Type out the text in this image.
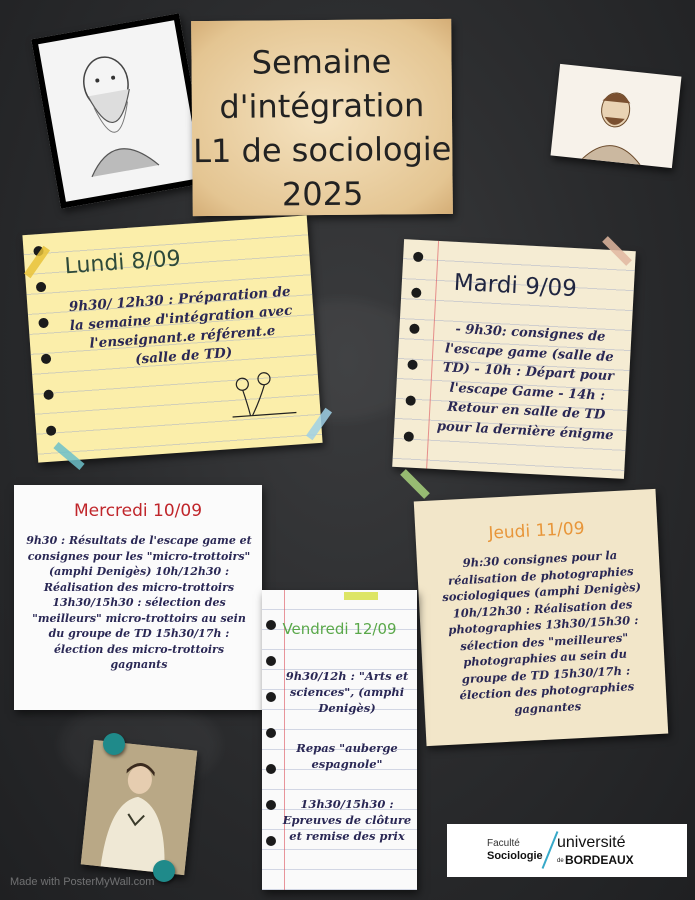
Semaine
d'intégration
L1 de sociologie
2025
Lundi 8/09
9h30/ 12h30 : Préparation de la semaine d'intégration avec l'enseignant.e référent.e (salle de TD)
Mardi 9/09
- 9h30: consignes de l'escape game (salle de TD) - 10h : Départ pour l'escape Game - 14h : Retour en salle de TD pour la dernière énigme
Mercredi 10/09
9h30 : Résultats de l'escape game et consignes pour les "micro-trottoirs" (amphi Denigès) 10h/12h30 : Réalisation des micro-trottoirs 13h30/15h30 : sélection des "meilleurs" micro-trottoirs au sein du groupe de TD 15h30/17h : élection des micro-trottoirs gagnants
Jeudi 11/09
9h:30 consignes pour la réalisation de photographies sociologiques (amphi Denigès) 10h/12h30 : Réalisation des photographies 13h30/15h30 : sélection des "meilleures" photographies au sein du groupe de TD 15h30/17h : élection des photographies gagnantes
Vendredi 12/09
9h30/12h : "Arts et sciences", (amphi Denigès)
Repas "auberge espagnole"
13h30/15h30 : Epreuves de clôture et remise des prix
Faculté
Sociologie
université
de BORDEAUX
Made with PosterMyWall.com
